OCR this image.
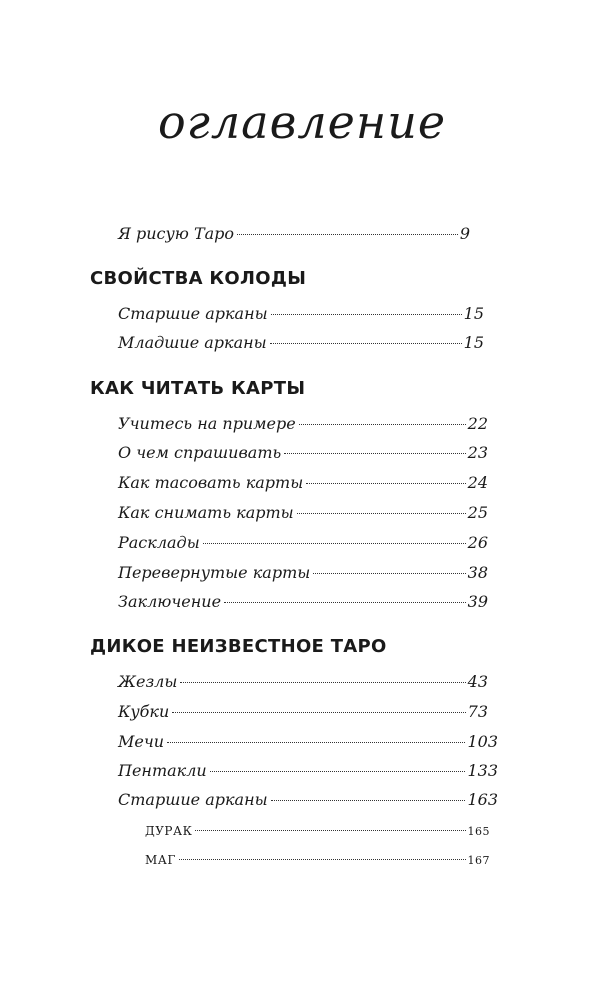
оглавление
Я рисую Таро	9
СВОЙСТВА КОЛОДЫ
Старшие арканы	15
Младшие арканы	15
КАК ЧИТАТЬ КАРТЫ
Учитесь на примере	22
О чем спрашивать	23
Как тасовать карты	24
Как снимать карты	25
Расклады	26
Перевернутые карты	38
Заключение	39
ДИКОЕ НЕИЗВЕСТНОЕ ТАРО
Жезлы	43
Кубки	73
Мечи	103
Пентакли	133
Старшие арканы	163
ДУРАК	165
МАГ	167
